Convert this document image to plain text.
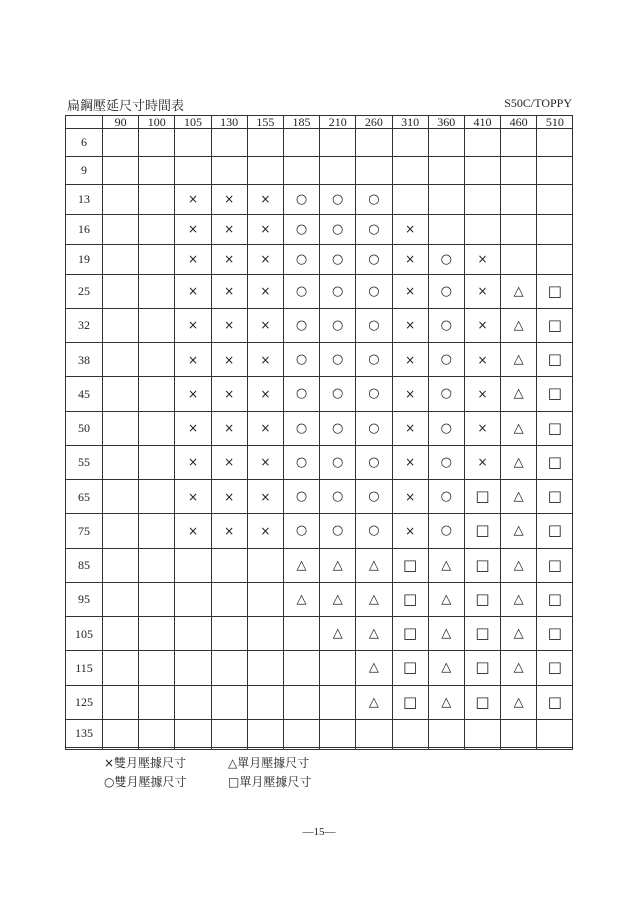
扁鋼壓延尺寸時間表	S50C/TOPPY
	90	100	105	130	155	185	210	260	310	360	410	460	510
6													
9													
13			×	×	×	○	○	○					
16			×	×	×	○	○	○	×				
19			×	×	×	○	○	○	×	○	×		
25			×	×	×	○	○	○	×	○	×	△	□
32			×	×	×	○	○	○	×	○	×	△	□
38			×	×	×	○	○	○	×	○	×	△	□
45			×	×	×	○	○	○	×	○	×	△	□
50			×	×	×	○	○	○	×	○	×	△	□
55			×	×	×	○	○	○	×	○	×	△	□
65			×	×	×	○	○	○	×	○	□	△	□
75			×	×	×	○	○	○	×	○	□	△	□
85						△	△	△	□	△	□	△	□
95						△	△	△	□	△	□	△	□
105							△	△	□	△	□	△	□
115								△	□	△	□	△	□
125								△	□	△	□	△	□
135													

×雙月壓據尺寸	△單月壓據尺寸
○雙月壓據尺寸	□單月壓據尺寸
—15—
